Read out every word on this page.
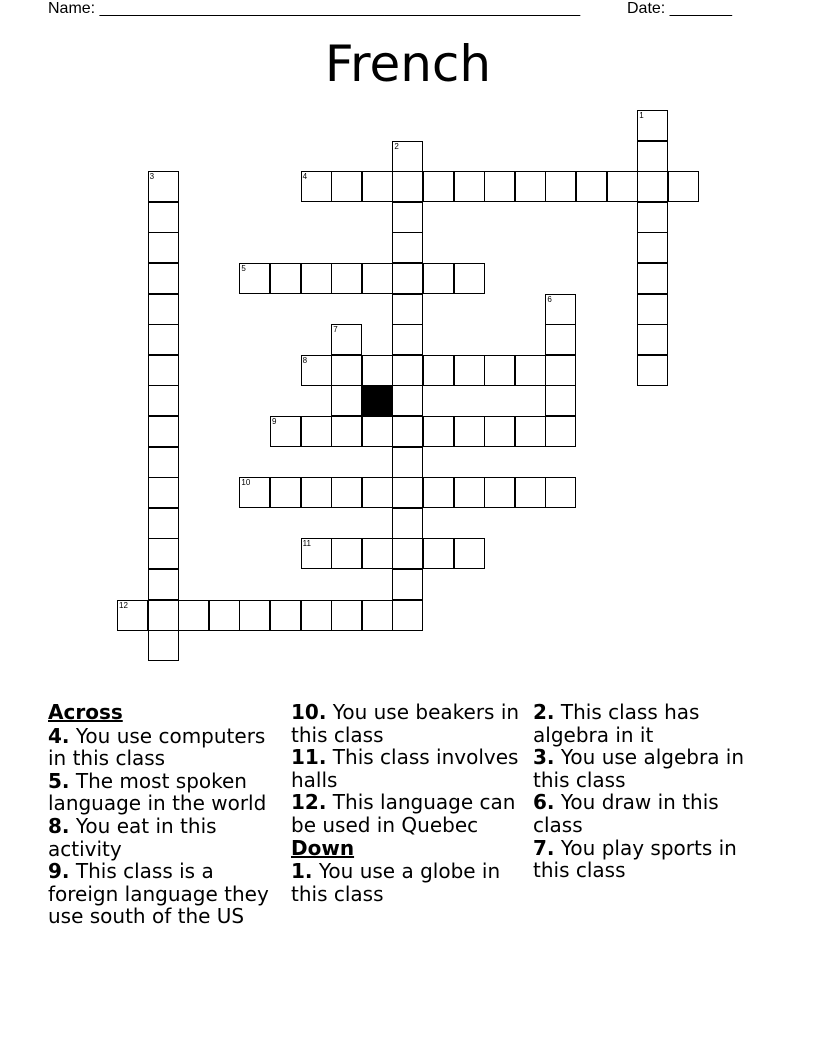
Name: ______________________________________________________	Date: _______
French
1
2
3	4
5
6
7
8
9
10
11
12
Across
4. You use computers in this class
5. The most spoken language in the world
8. You eat in this activity
9. This class is a foreign language they use south of the US
10. You use beakers in this class
11. This class involves halls
12. This language can be used in Quebec
Down
1. You use a globe in this class
2. This class has algebra in it
3. You use algebra in this class
6. You draw in this class
7. You play sports in this class
